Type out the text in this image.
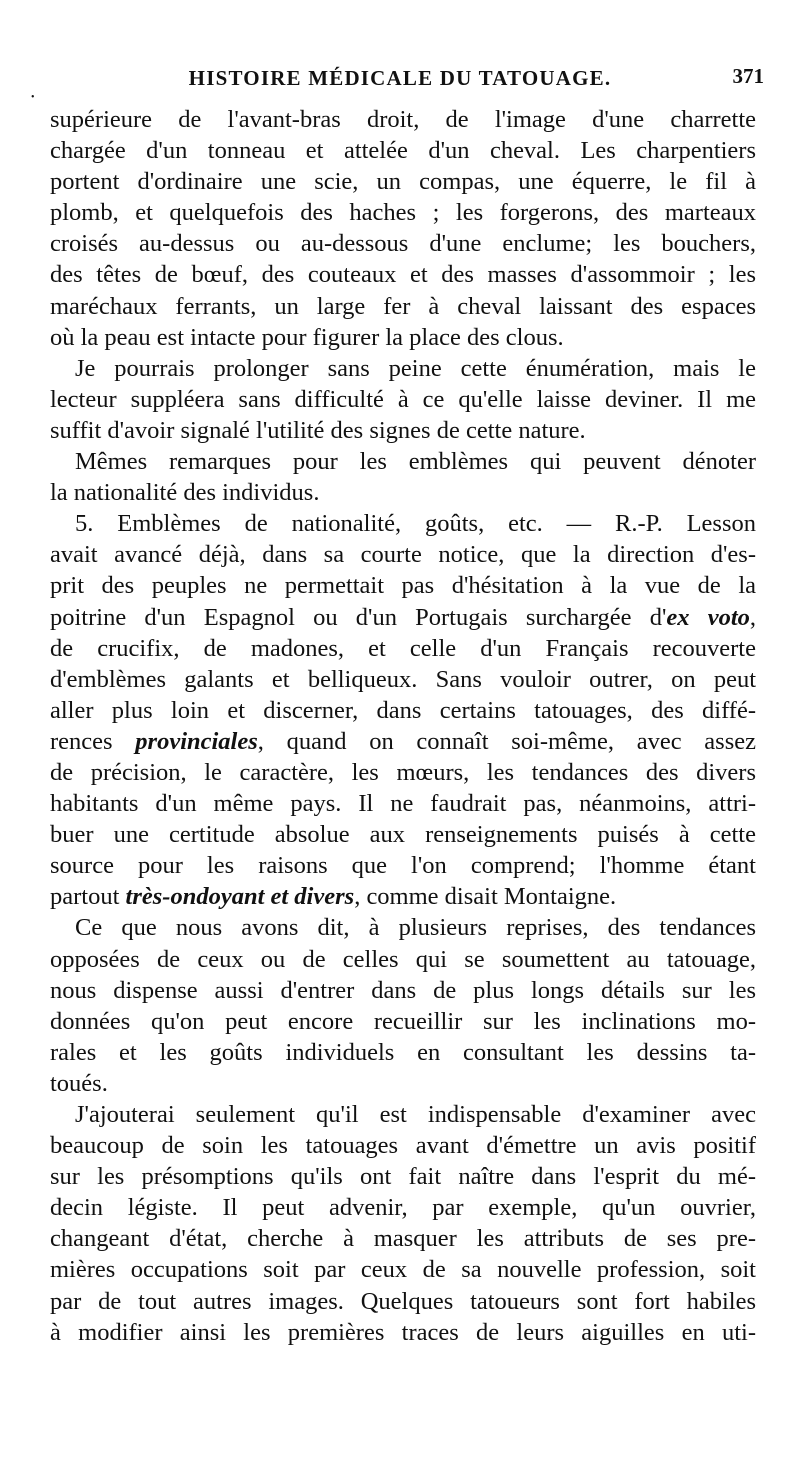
•
HISTOIRE MÉDICALE DU TATOUAGE.	371
supérieure de l'avant-bras droit, de l'image d'une charrette
chargée d'un tonneau et attelée d'un cheval. Les charpentiers
portent d'ordinaire une scie, un compas, une équerre, le fil à
plomb, et quelquefois des haches ; les forgerons, des marteaux
croisés au-dessus ou au-dessous d'une enclume; les bouchers,
des têtes de bœuf, des couteaux et des masses d'assommoir ; les
maréchaux ferrants, un large fer à cheval laissant des espaces
où la peau est intacte pour figurer la place des clous.
Je pourrais prolonger sans peine cette énumération, mais le
lecteur suppléera sans difficulté à ce qu'elle laisse deviner. Il me
suffit d'avoir signalé l'utilité des signes de cette nature.
Mêmes remarques pour les emblèmes qui peuvent dénoter
la nationalité des individus.
5. Emblèmes de nationalité, goûts, etc. — R.-P. Lesson
avait avancé déjà, dans sa courte notice, que la direction d'es-
prit des peuples ne permettait pas d'hésitation à la vue de la
poitrine d'un Espagnol ou d'un Portugais surchargée d'ex voto,
de crucifix, de madones, et celle d'un Français recouverte
d'emblèmes galants et belliqueux. Sans vouloir outrer, on peut
aller plus loin et discerner, dans certains tatouages, des diffé-
rences provinciales, quand on connaît soi-même, avec assez
de précision, le caractère, les mœurs, les tendances des divers
habitants d'un même pays. Il ne faudrait pas, néanmoins, attri-
buer une certitude absolue aux renseignements puisés à cette
source pour les raisons que l'on comprend; l'homme étant
partout très-ondoyant et divers, comme disait Montaigne.
Ce que nous avons dit, à plusieurs reprises, des tendances
opposées de ceux ou de celles qui se soumettent au tatouage,
nous dispense aussi d'entrer dans de plus longs détails sur les
données qu'on peut encore recueillir sur les inclinations mo-
rales et les goûts individuels en consultant les dessins ta-
toués.
J'ajouterai seulement qu'il est indispensable d'examiner avec
beaucoup de soin les tatouages avant d'émettre un avis positif
sur les présomptions qu'ils ont fait naître dans l'esprit du mé-
decin légiste. Il peut advenir, par exemple, qu'un ouvrier,
changeant d'état, cherche à masquer les attributs de ses pre-
mières occupations soit par ceux de sa nouvelle profession, soit
par de tout autres images. Quelques tatoueurs sont fort habiles
à modifier ainsi les premières traces de leurs aiguilles en uti-
